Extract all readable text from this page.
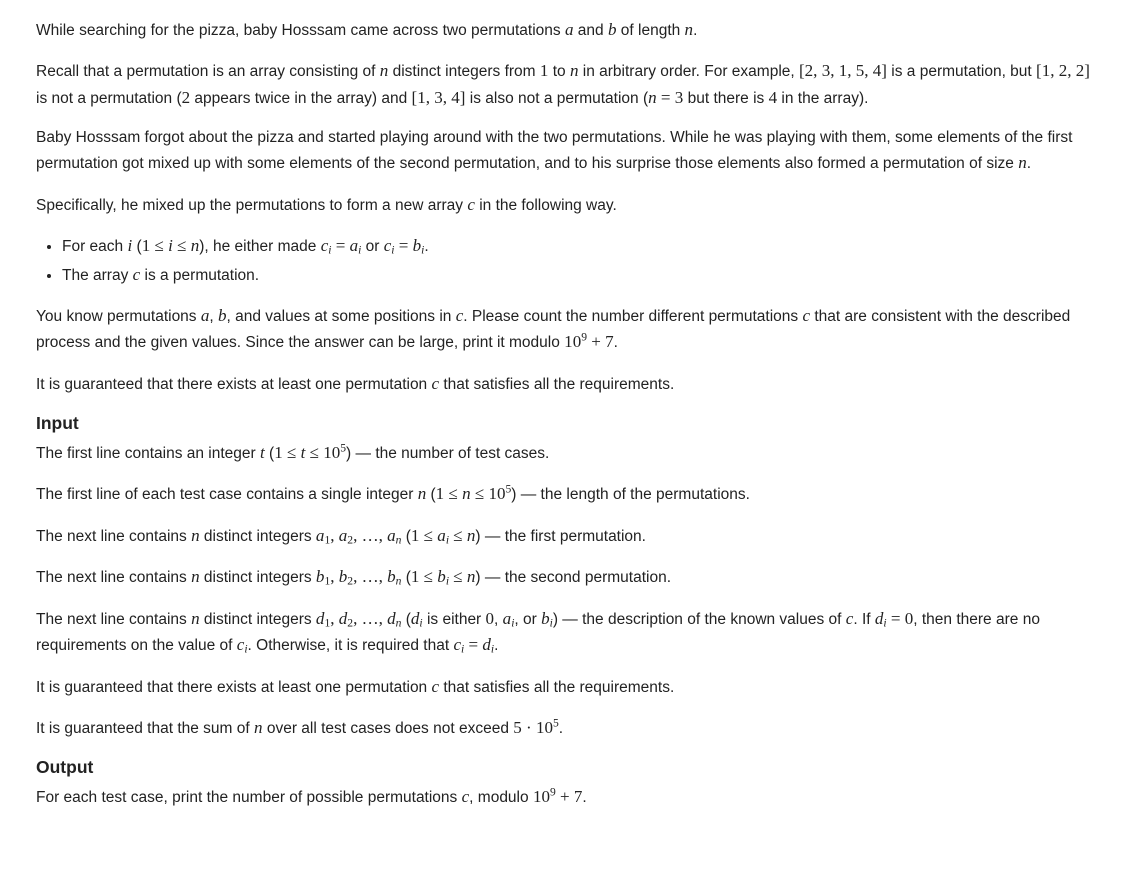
While searching for the pizza, baby Hosssam came across two permutations a and b of length n.

Recall that a permutation is an array consisting of n distinct integers from 1 to n in arbitrary order. For example, [2, 3, 1, 5, 4] is a permutation, but [1, 2, 2] is not a permutation (2 appears twice in the array) and [1, 3, 4] is also not a permutation (n = 3 but there is 4 in the array).

Baby Hosssam forgot about the pizza and started playing around with the two permutations. While he was playing with them, some elements of the first permutation got mixed up with some elements of the second permutation, and to his surprise those elements also formed a permutation of size n.

Specifically, he mixed up the permutations to form a new array c in the following way.

• For each i (1 ≤ i ≤ n), he either made $c_i = a_i$ or $c_i = b_i$.
• The array c is a permutation.

You know permutations a, b, and values at some positions in c. Please count the number different permutations c that are consistent with the described process and the given values. Since the answer can be large, print it modulo $10^9 + 7$.

It is guaranteed that there exists at least one permutation c that satisfies all the requirements.

Input

The first line contains an integer t $(1 \le t \le 10^5)$ — the number of test cases.

The first line of each test case contains a single integer n $(1 \le n \le 10^5)$ — the length of the permutations.

The next line contains n distinct integers $a_1$, $a_2$, …, $a_n$ $(1 \le a_i \le n)$ — the first permutation.

The next line contains n distinct integers $b_1$, $b_2$, …, $b_n$ $(1 \le b_i \le n)$ — the second permutation.

The next line contains n distinct integers $d_1$, $d_2$, …, $d_n$ ($d_i$ is either 0, $a_i$, or $b_i$) — the description of the known values of c. If $d_i = 0$, then there are no requirements on the value of $c_i$. Otherwise, it is required that $c_i = d_i$.

It is guaranteed that there exists at least one permutation c that satisfies all the requirements.

It is guaranteed that the sum of n over all test cases does not exceed $5 \cdot 10^5$.

Output

For each test case, print the number of possible permutations c, modulo $10^9 + 7$.
